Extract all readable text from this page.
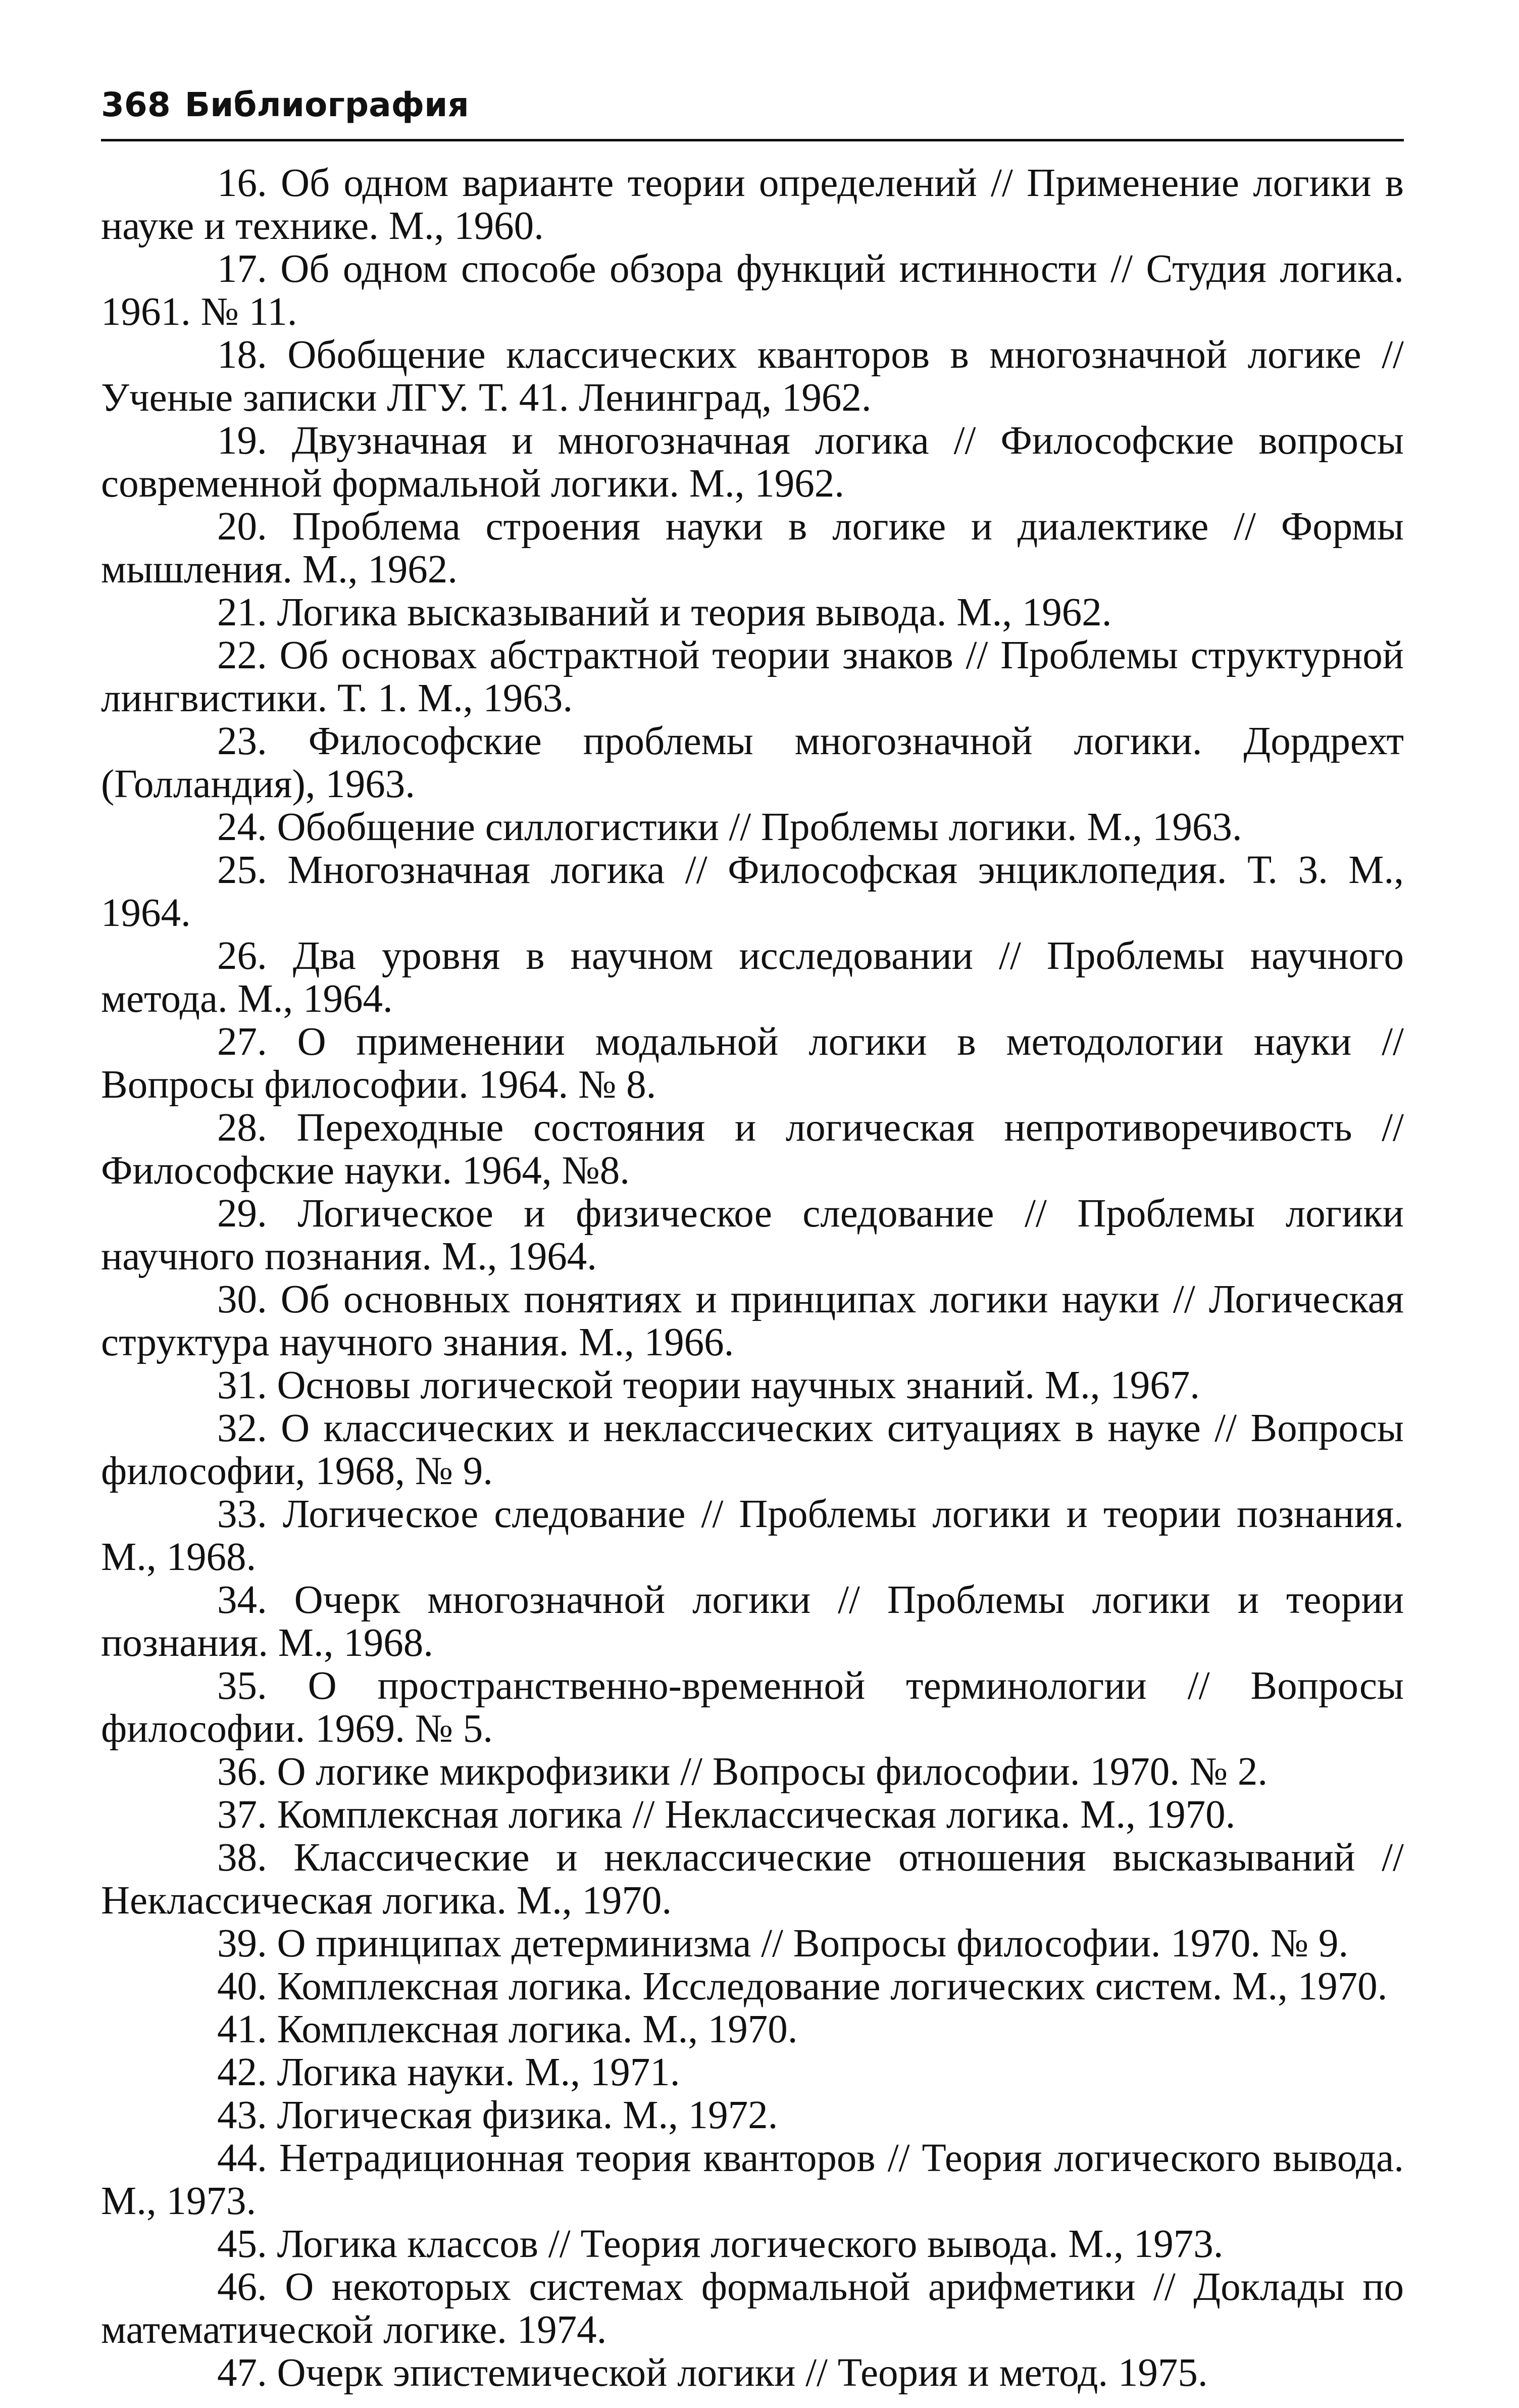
368 Библиография

16. Об одном варианте теории определений // Применение логики в науке и технике. М., 1960.

17. Об одном способе обзора функций истинности // Студия логика. 1961. № 11.

18. Обобщение классических кванторов в многозначной логике // Ученые записки ЛГУ. Т. 41. Ленинград, 1962.

19. Двузначная и многозначная логика // Философские вопросы современной формальной логики. М., 1962.

20. Проблема строения науки в логике и диалектике // Формы мышления. М., 1962.

21. Логика высказываний и теория вывода. М., 1962.

22. Об основах абстрактной теории знаков // Проблемы структурной лингвистики. Т. 1. М., 1963.

23. Философские проблемы многозначной логики. Дордрехт (Голландия), 1963.

24. Обобщение силлогистики // Проблемы логики. М., 1963.

25. Многозначная логика // Философская энциклопедия. Т. 3. М., 1964.

26. Два уровня в научном исследовании // Проблемы научного метода. М., 1964.

27. О применении модальной логики в методологии науки // Вопросы философии. 1964. № 8.

28. Переходные состояния и логическая непротиворечивость // Философские науки. 1964, №8.

29. Логическое и физическое следование // Проблемы логики научного познания. М., 1964.

30. Об основных понятиях и принципах логики науки // Логическая структура научного знания. М., 1966.

31. Основы логической теории научных знаний. М., 1967.

32. О классических и неклассических ситуациях в науке // Вопросы философии, 1968, № 9.

33. Логическое следование // Проблемы логики и теории познания. М., 1968.

34. Очерк многозначной логики // Проблемы логики и теории познания. М., 1968.

35. О пространственно-временной терминологии // Вопросы философии. 1969. № 5.

36. О логике микрофизики // Вопросы философии. 1970. № 2.

37. Комплексная логика // Неклассическая логика. М., 1970.

38. Классические и неклассические отношения высказываний // Неклассическая логика. М., 1970.

39. О принципах детерминизма // Вопросы философии. 1970. № 9.

40. Комплексная логика. Исследование логических систем. М., 1970.

41. Комплексная логика. М., 1970.

42. Логика науки. М., 1971.

43. Логическая физика. М., 1972.

44. Нетрадиционная теория кванторов // Теория логического вывода. М., 1973.

45. Логика классов // Теория логического вывода. М., 1973.

46. О некоторых системах формальной арифметики // Доклады по математической логике. 1974.

47. Очерк эпистемической логики // Теория и метод. 1975.
